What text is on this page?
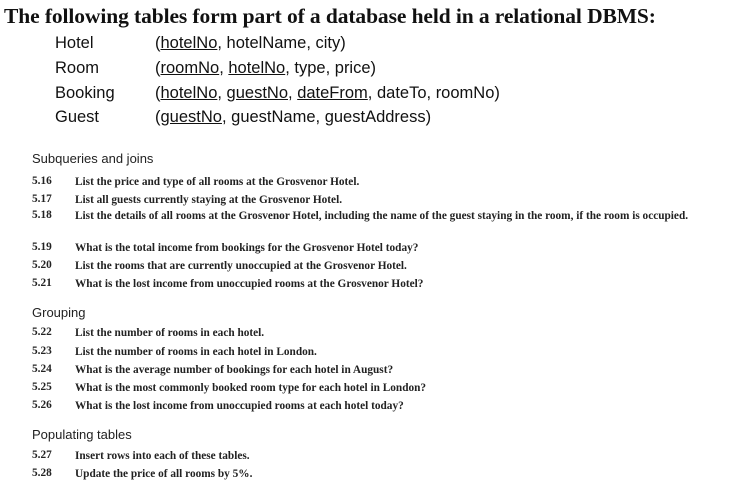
The following tables form part of a database held in a relational DBMS:
Hotel	(hotelNo, hotelName, city)
Room	(roomNo, hotelNo, type, price)
Booking (hotelNo, guestNo, dateFrom, dateTo, roomNo)
Guest	(guestNo, guestName, guestAddress)
Subqueries and joins
5.16 List the price and type of all rooms at the Grosvenor Hotel.
5.17 List all guests currently staying at the Grosvenor Hotel.
5.18 List the details of all rooms at the Grosvenor Hotel, including the name of the guest staying in the room, if the room is occupied.
5.19 What is the total income from bookings for the Grosvenor Hotel today?
5.20 List the rooms that are currently unoccupied at the Grosvenor Hotel.
5.21 What is the lost income from unoccupied rooms at the Grosvenor Hotel?
Grouping
5.22 List the number of rooms in each hotel.
5.23 List the number of rooms in each hotel in London.
5.24 What is the average number of bookings for each hotel in August?
5.25 What is the most commonly booked room type for each hotel in London?
5.26 What is the lost income from unoccupied rooms at each hotel today?
Populating tables
5.27 Insert rows into each of these tables.
5.28 Update the price of all rooms by 5%.
